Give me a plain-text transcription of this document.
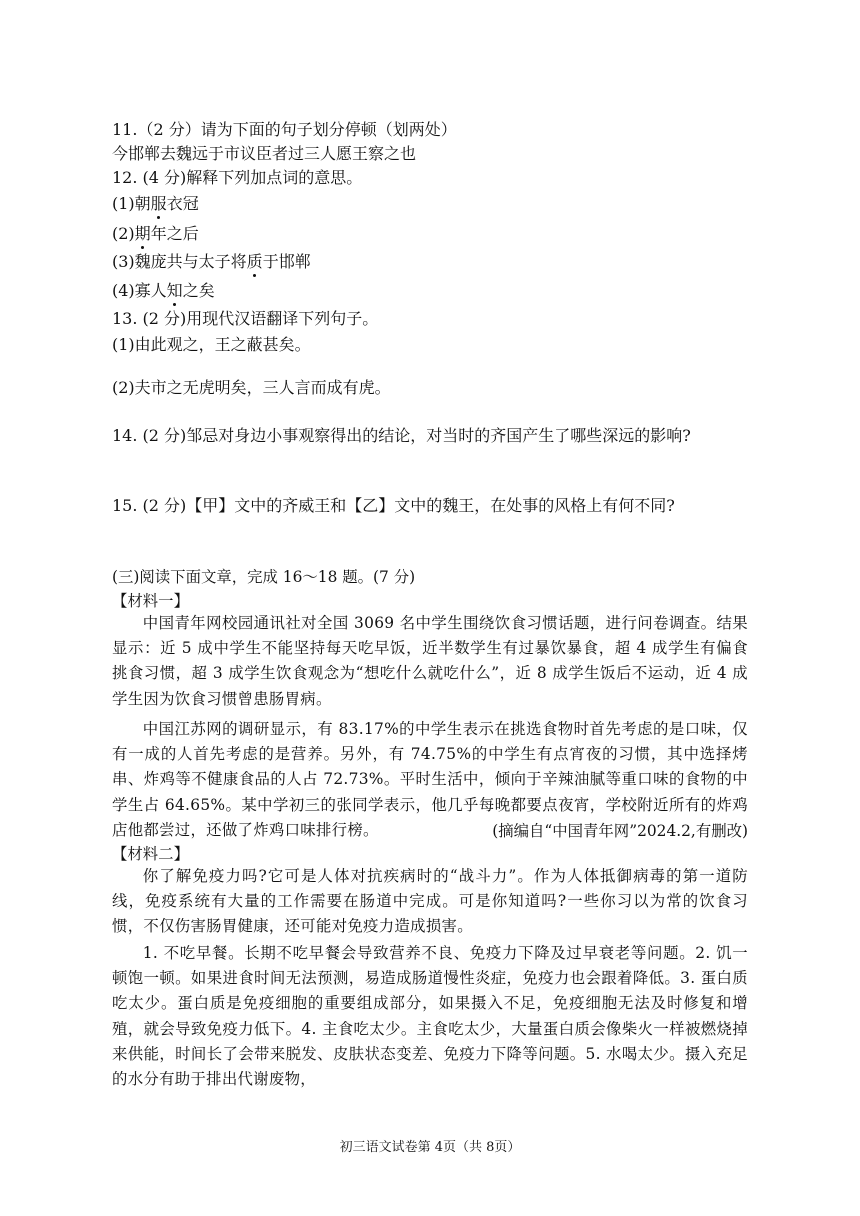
11.（2 分）请为下面的句子划分停顿（划两处）
今邯郸去魏远于市议臣者过三人愿王察之也
12. (4 分)解释下列加点词的意思。
(1)朝服衣冠
(2)期年之后
(3)魏庞共与太子将质于邯郸
(4)寡人知之矣
13. (2 分)用现代汉语翻译下列句子。
(1)由此观之，王之蔽甚矣。
(2)夫市之无虎明矣，三人言而成有虎。
14. (2 分)邹忌对身边小事观察得出的结论，对当时的齐国产生了哪些深远的影响?
15. (2 分)【甲】文中的齐威王和【乙】文中的魏王，在处事的风格上有何不同?
(三)阅读下面文章，完成 16～18 题。(7 分)
【材料一】
中国青年网校园通讯社对全国 3069 名中学生围绕饮食习惯话题，进行问卷调查。结果显示：近 5 成中学生不能坚持每天吃早饭，近半数学生有过暴饮暴食，超 4 成学生有偏食挑食习惯，超 3 成学生饮食观念为“想吃什么就吃什么”，近 8 成学生饭后不运动，近 4 成学生因为饮食习惯曾患肠胃病。
中国江苏网的调研显示，有 83.17%的中学生表示在挑选食物时首先考虑的是口味，仅有一成的人首先考虑的是营养。另外，有 74.75%的中学生有点宵夜的习惯，其中选择烤串、炸鸡等不健康食品的人占 72.73%。平时生活中，倾向于辛辣油腻等重口味的食物的中学生占 64.65%。某中学初三的张同学表示，他几乎每晚都要点夜宵，学校附近所有的炸鸡店他都尝过，还做了炸鸡口味排行榜。	(摘编自“中国青年网”2024.2,有删改)
【材料二】
你了解免疫力吗?它可是人体对抗疾病时的“战斗力”。作为人体抵御病毒的第一道防线，免疫系统有大量的工作需要在肠道中完成。可是你知道吗?一些你习以为常的饮食习惯，不仅伤害肠胃健康，还可能对免疫力造成损害。
1. 不吃早餐。长期不吃早餐会导致营养不良、免疫力下降及过早衰老等问题。2. 饥一顿饱一顿。如果进食时间无法预测，易造成肠道慢性炎症，免疫力也会跟着降低。3. 蛋白质吃太少。蛋白质是免疫细胞的重要组成部分，如果摄入不足，免疫细胞无法及时修复和增殖，就会导致免疫力低下。4. 主食吃太少。主食吃太少，大量蛋白质会像柴火一样被燃烧掉来供能，时间长了会带来脱发、皮肤状态变差、免疫力下降等问题。5. 水喝太少。摄入充足的水分有助于排出代谢废物，
初三语文试卷第 4页（共 8页）
